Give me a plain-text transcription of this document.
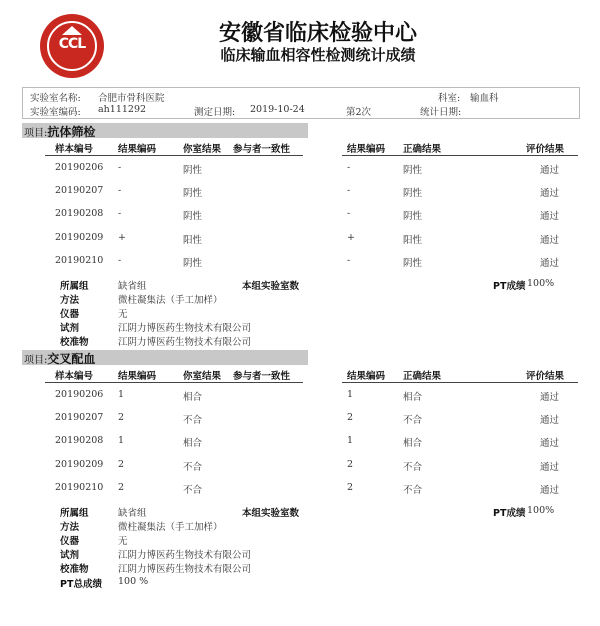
CCL	安徽省临床检验中心
临床输血相容性检测统计成绩
实验室名称: 合肥市骨科医院	科室: 输血科
实验室编码: ah111292	测定日期: 2019-10-24	第2次	统计日期:
项目:抗体筛检
样本编号	结果编码	你室结果 参与者一致性	结果编码 正确结果	评价结果
20190206 -	阴性	-	阴性	通过
20190207 -	阴性	-	阴性	通过
20190208 -	阴性	-	阴性	通过
20190209 +	阳性	+	阳性	通过
20190210 -	阴性	-	阴性	通过
所属组	缺省组	本组实验室数	PT成绩 100%
方法	微柱凝集法（手工加样）
仪器	无
试剂	江阴力博医药生物技术有限公司
校准物	江阴力博医药生物技术有限公司
项目:交叉配血
样本编号	结果编码	你室结果 参与者一致性	结果编码 正确结果	评价结果
20190206 1	相合	1	相合	通过
20190207 2	不合	2	不合	通过
20190208 1	相合	1	相合	通过
20190209 2	不合	2	不合	通过
20190210 2	不合	2	不合	通过
所属组	缺省组	本组实验室数	PT成绩 100%
方法	微柱凝集法（手工加样）
仪器	无
试剂	江阴力博医药生物技术有限公司
校准物	江阴力博医药生物技术有限公司
PT总成绩 100 %
